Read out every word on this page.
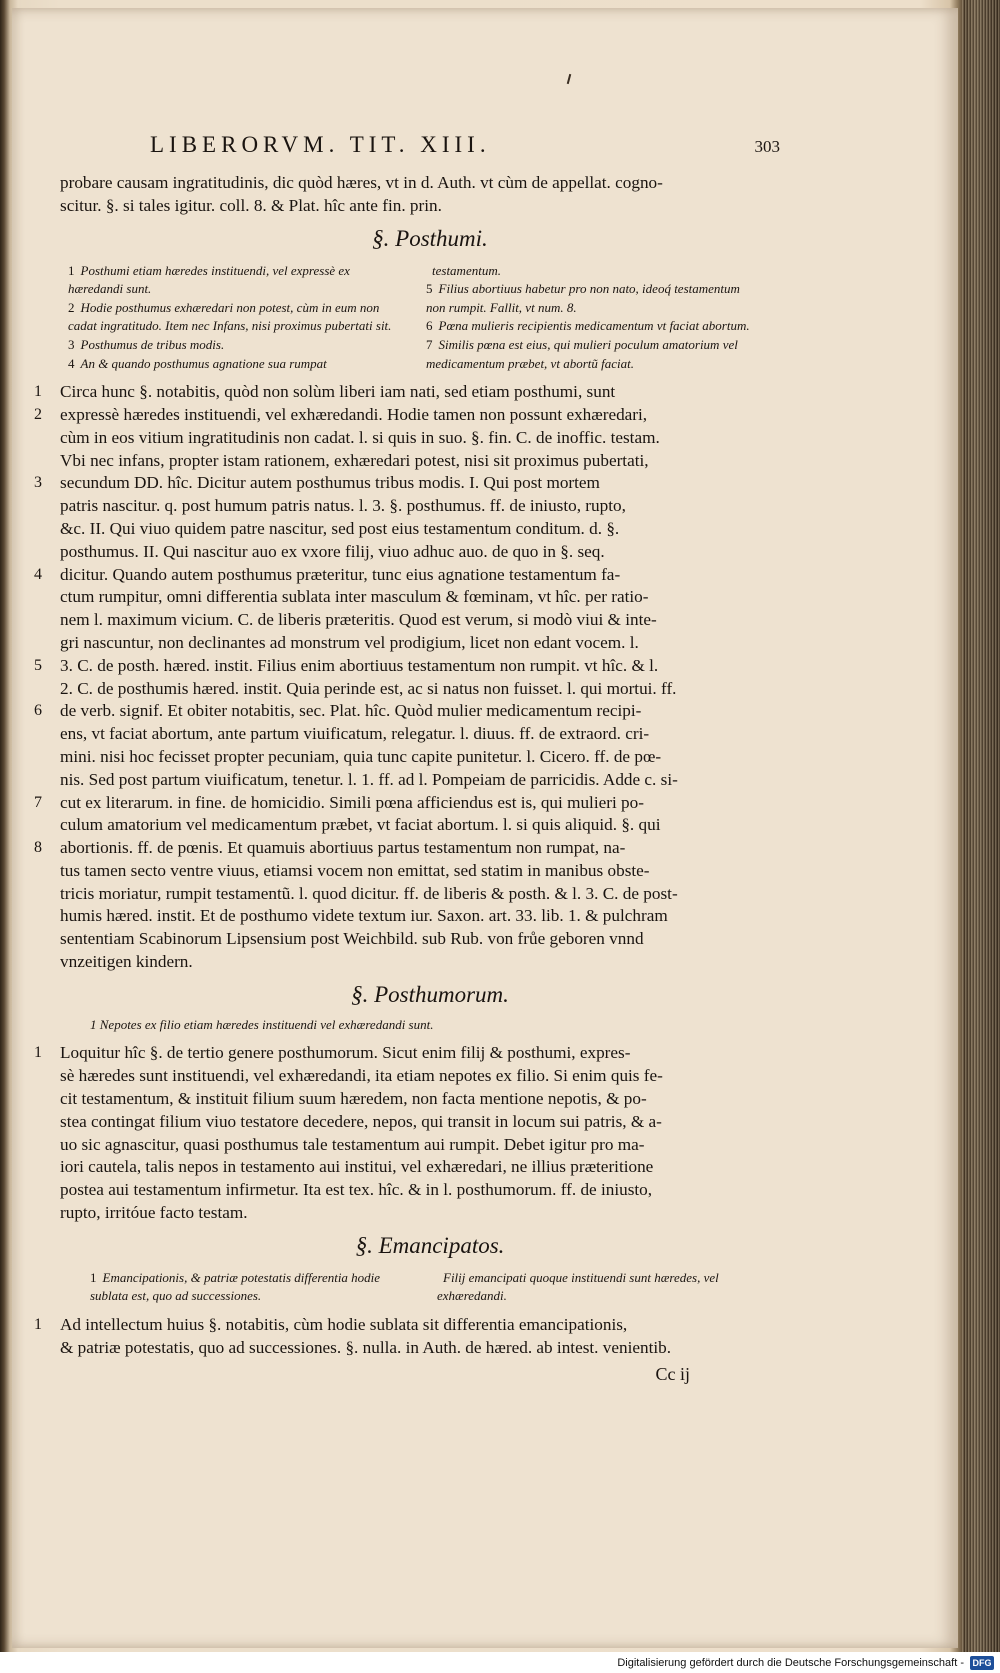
LIBERORVM. TIT. XIII.	303

probare causam ingratitudinis, dic quòd hæres, vt in d. Auth. vt cùm de appellat. cogno-
scitur. §. si tales igitur. coll. 8. & Plat. hîc ante fin. prin.

§. Posthumi.

1 Posthumi etiam hæredes instituendi, vel expressè ex hæredandi sunt.

2 Hodie posthumus exhæredari non potest, cùm in eum non cadat ingratitudo. Item nec Infans, nisi proximus pubertati sit.

3 Posthumus de tribus modis.

4 An & quando posthumus agnatione sua rumpat

testamentum.

5 Filius abortiuus habetur pro non nato, ideoq́ testamentum non rumpit. Fallit, vt num. 8.

6 Pœna mulieris recipientis medicamentum vt faciat abortum.

7 Similis pœna est eius, qui mulieri poculum amatorium vel medicamentum præbet, vt abortũ faciat.

1 Circa hunc §. notabitis, quòd non solùm liberi iam nati, sed etiam posthumi, sunt
2 expressè hæredes instituendi, vel exhæredandi. Hodie tamen non possunt exhæredari,
cùm in eos vitium ingratitudinis non cadat. l. si quis in suo. §. fin. C. de inoffic. testam.
Vbi nec infans, propter istam rationem, exhæredari potest, nisi sit proximus pubertati,
3 secundum DD. hîc. Dicitur autem posthumus tribus modis. I. Qui post mortem
patris nascitur. q. post humum patris natus. l. 3. §. posthumus. ff. de iniusto, rupto,
&c. II. Qui viuo quidem patre nascitur, sed post eius testamentum conditum. d. §.
posthumus. II. Qui nascitur auo ex vxore filij, viuo adhuc auo. de quo in §. seq.
4 dicitur. Quando autem posthumus præteritur, tunc eius agnatione testamentum fa-
ctum rumpitur, omni differentia sublata inter masculum & fœminam, vt hîc. per ratio-
nem l. maximum vicium. C. de liberis præteritis. Quod est verum, si modò viui & inte-
gri nascuntur, non declinantes ad monstrum vel prodigium, licet non edant vocem. l.
5 3. C. de posth. hæred. instit. Filius enim abortiuus testamentum non rumpit. vt hîc. & l.
2. C. de posthumis hæred. instit. Quia perinde est, ac si natus non fuisset. l. qui mortui. ff.
6 de verb. signif. Et obiter notabitis, sec. Plat. hîc. Quòd mulier medicamentum recipi-
ens, vt faciat abortum, ante partum viuificatum, relegatur. l. diuus. ff. de extraord. cri-
mini. nisi hoc fecisset propter pecuniam, quia tunc capite punitetur. l. Cicero. ff. de pœ-
nis. Sed post partum viuificatum, tenetur. l. 1. ff. ad l. Pompeiam de parricidis. Adde c. si-
7 cut ex literarum. in fine. de homicidio. Simili pœna afficiendus est is, qui mulieri po-
culum amatorium vel medicamentum præbet, vt faciat abortum. l. si quis aliquid. §. qui
8 abortionis. ff. de pœnis. Et quamuis abortiuus partus testamentum non rumpat, na-
tus tamen secto ventre viuus, etiamsi vocem non emittat, sed statim in manibus obste-
tricis moriatur, rumpit testamentũ. l. quod dicitur. ff. de liberis & posth. & l. 3. C. de post-
humis hæred. instit. Et de posthumo videte textum iur. Saxon. art. 33. lib. 1. & pulchram
sententiam Scabinorum Lipsensium post Weichbild. sub Rub. von frůe geboren vnnd
vnzeitigen kindern.

§. Posthumorum.
1 Nepotes ex filio etiam hæredes instituendi vel exhæredandi sunt.

1 Loquitur hîc §. de tertio genere posthumorum. Sicut enim filij & posthumi, expres-
sè hæredes sunt instituendi, vel exhæredandi, ita etiam nepotes ex filio. Si enim quis fe-
cit testamentum, & instituit filium suum hæredem, non facta mentione nepotis, & po-
stea contingat filium viuo testatore decedere, nepos, qui transit in locum sui patris, & a-
uo sic agnascitur, quasi posthumus tale testamentum aui rumpit. Debet igitur pro ma-
iori cautela, talis nepos in testamento aui institui, vel exhæredari, ne illius præteritione
postea aui testamentum infirmetur. Ita est tex. hîc. & in l. posthumorum. ff. de iniusto,
rupto, irritóue facto testam.

§. Emancipatos.

1 Emancipationis, & patriæ potestatis differentia hodie sublata est, quo ad successiones.

Filij emancipati quoque instituendi sunt hæredes, vel exhæredandi.

1 Ad intellectum huius §. notabitis, cùm hodie sublata sit differentia emancipationis,
& patriæ potestatis, quo ad successiones. §. nulla. in Auth. de hæred. ab intest. venientib.

Cc ij
Digitalisierung gefördert durch die Deutsche Forschungsgemeinschaft - DFG
